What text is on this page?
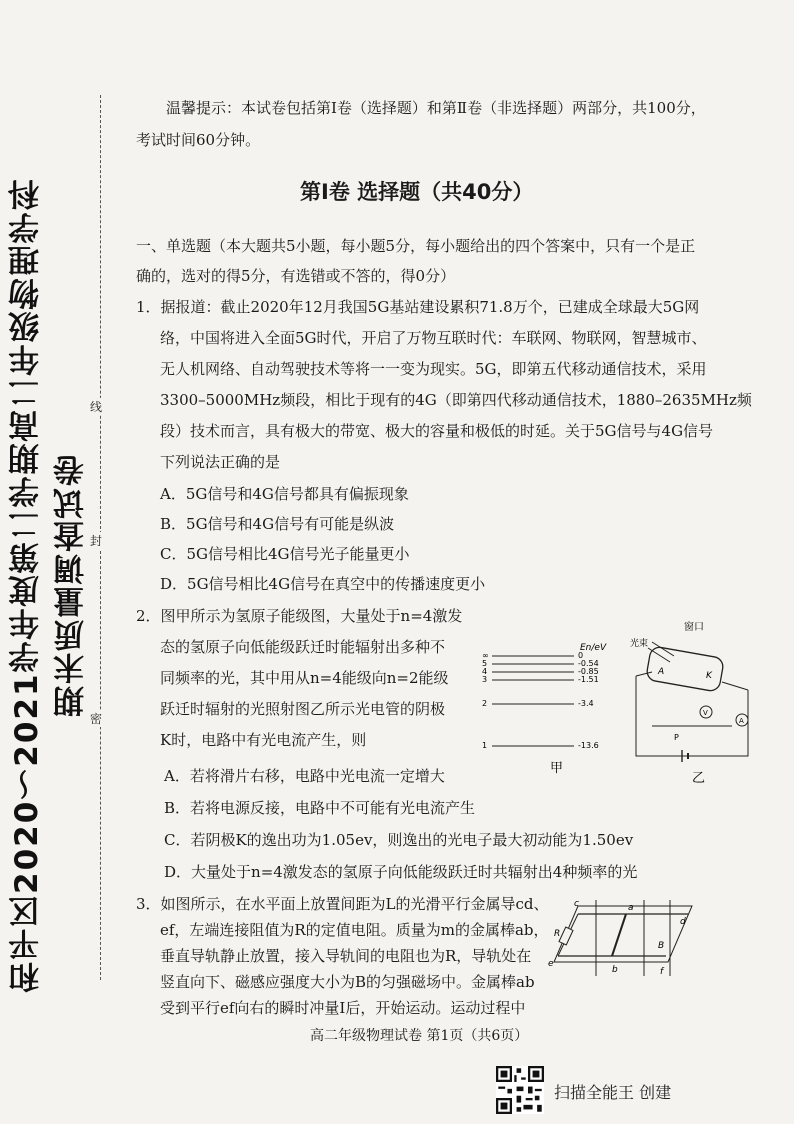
和平区2020～2021学年度第二学期高二年级物理学科期末质量调查试卷
线
封
密
温馨提示：本试卷包括第Ⅰ卷（选择题）和第Ⅱ卷（非选择题）两部分，共100分，
考试时间60分钟。
第Ⅰ卷 选择题（共40分）
一、单选题（本大题共5小题，每小题5分，每小题给出的四个答案中，只有一个是正
确的，选对的得5分，有选错或不答的，得0分）
1．据报道：截止2020年12月我国5G基站建设累积71.8万个，已建成全球最大5G网
络，中国将进入全面5G时代，开启了万物互联时代：车联网、物联网，智慧城市、
无人机网络、自动驾驶技术等将一一变为现实。5G，即第五代移动通信技术，采用
3300–5000MHz频段，相比于现有的4G（即第四代移动通信技术，1880–2635MHz频
段）技术而言，具有极大的带宽、极大的容量和极低的时延。关于5G信号与4G信号
下列说法正确的是
A．5G信号和4G信号都具有偏振现象
B．5G信号和4G信号有可能是纵波
C．5G信号相比4G信号光子能量更小
D．5G信号相比4G信号在真空中的传播速度更小
2．图甲所示为氢原子能级图，大量处于n=4激发
态的氢原子向低能级跃迁时能辐射出多种不
同频率的光，其中用从n=4能级向n=2能级
跃迁时辐射的光照射图乙所示光电管的阴极
K时，电路中有光电流产生，则
A．若将滑片右移，电路中光电流一定增大
B．若将电源反接，电路中不可能有光电流产生
C．若阴极K的逸出功为1.05ev，则逸出的光电子最大初动能为1.50ev
D．大量处于n=4激发态的氢原子向低能级跃迁时共辐射出4种频率的光
En/eV
∞	0
5	-0.54
4	-0.85
3	-1.51
2	-3.4
1	-13.6
甲
窗口
光束
A	K
V
A
P
乙
3．如图所示，在水平面上放置间距为L的光滑平行金属导cd、
ef，左端连接阻值为R的定值电阻。质量为m的金属棒ab，
垂直导轨静止放置，接入导轨间的电阻也为R，导轨处在
竖直向下、磁感应强度大小为B的匀强磁场中。金属棒ab
受到平行ef向右的瞬时冲量I后，开始运动。运动过程中
c	a
d
e
b	f
R
B
高二年级物理试卷 第1页（共6页）
扫描全能王 创建
